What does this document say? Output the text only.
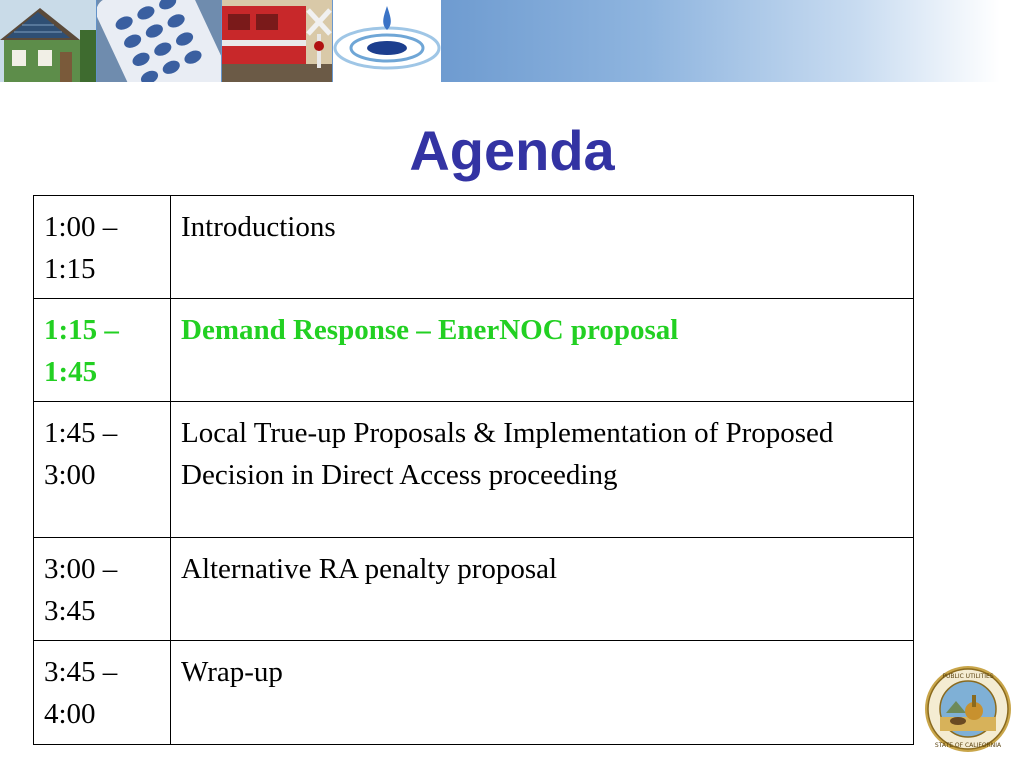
Agenda
1:00 – 1:15	Introductions
1:15 – 1:45	Demand Response – EnerNOC proposal
1:45 – 3:00	Local True-up Proposals & Implementation of Proposed Decision in Direct Access proceeding
3:00 – 3:45	Alternative RA penalty proposal
3:45 – 4:00	Wrap-up	PUBLIC UTILITIES
STATE OF CALIFORNIA
